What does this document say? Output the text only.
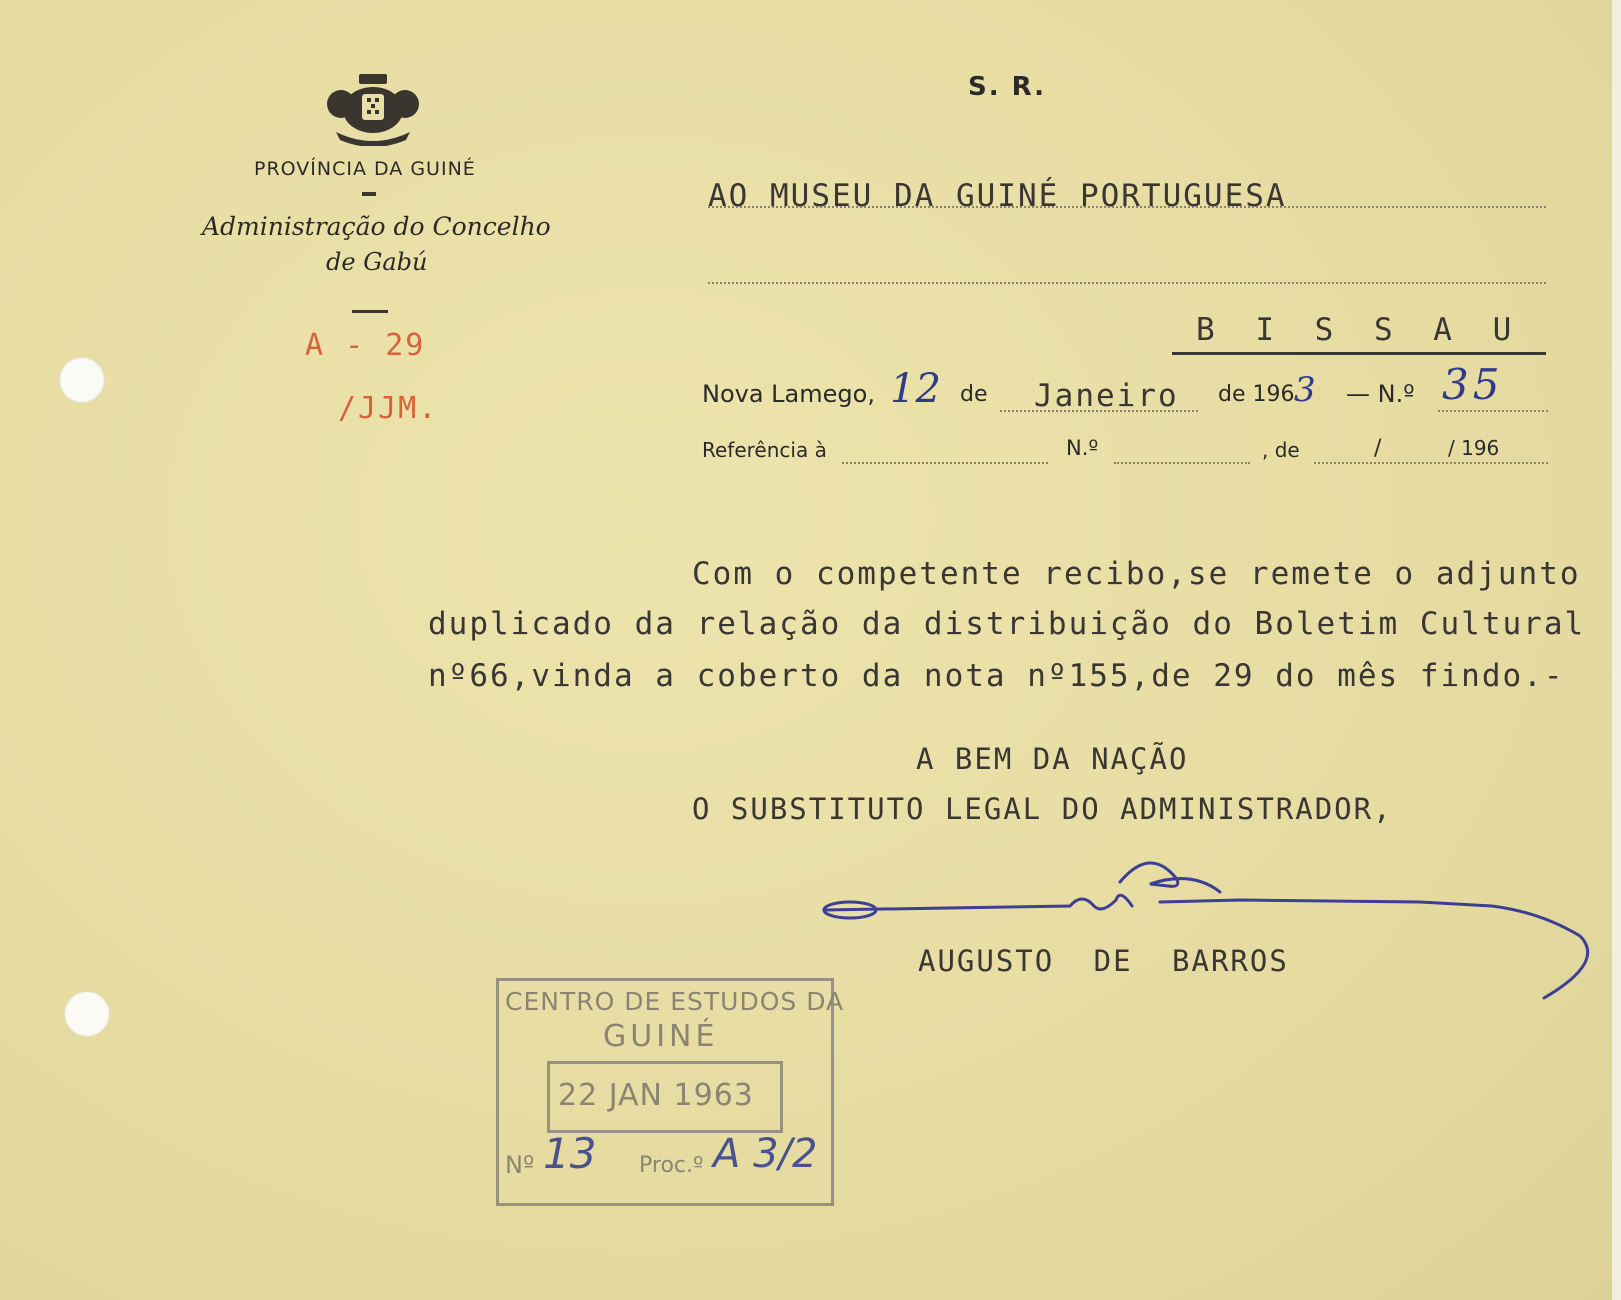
PROVÍNCIA DA GUINÉ
Administração do Concelho
de Gabú
A - 29
/JJM.
S. R.
AO MUSEU DA GUINÉ PORTUGUESA
B I S S A U
Nova Lamego, 12 de Janeiro de 196 3 — N.º 35
Referência à	N.º	, de	/	/ 196
Com o competente recibo,se remete o adjunto
duplicado da relação da distribuição do Boletim Cultural
nº66,vinda a coberto da nota nº155,de 29 do mês findo.-
A BEM DA NAÇÃO
O SUBSTITUTO LEGAL DO ADMINISTRADOR,
AUGUSTO DE BARROS
CENTRO DE ESTUDOS DA
GUINÉ
22 JAN 1963
Nº 13 Proc.º A 3/2
